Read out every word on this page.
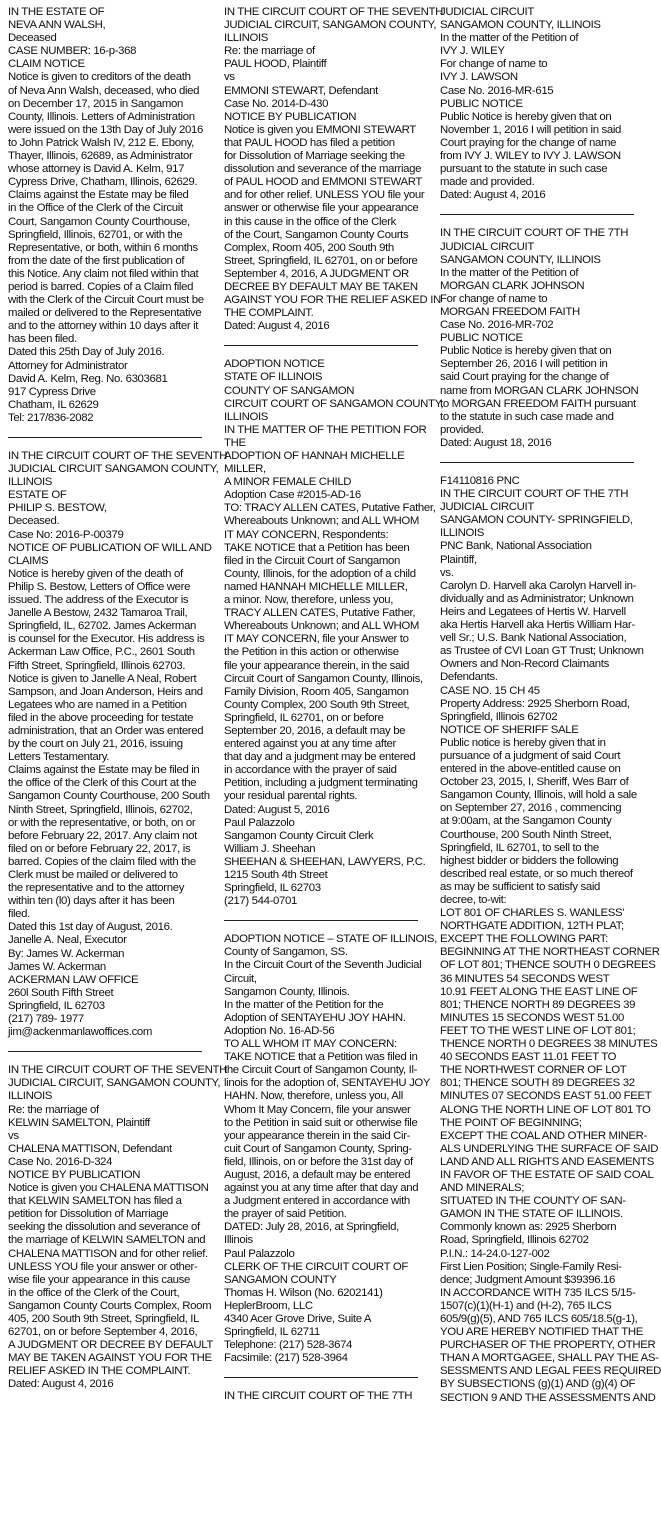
IN THE ESTATE OF
NEVA ANN WALSH,
Deceased
CASE NUMBER: 16-p-368
CLAIM NOTICE
Notice is given to creditors of the death
of Neva Ann Walsh, deceased, who died
on December 17, 2015 in Sangamon
County, Illinois. Letters of Administration
were issued on the 13th Day of July 2016
to John Patrick Walsh IV, 212 E. Ebony,
Thayer, Illinois, 62689, as Administrator
whose attorney is David A. Kelm, 917
Cypress Drive, Chatham, Illinois, 62629.
Claims against the Estate may be filed
in the Office of the Clerk of the Circuit
Court, Sangamon County Courthouse,
Springfield, Illinois, 62701, or with the
Representative, or both, within 6 months
from the date of the first publication of
this Notice. Any claim not filed within that
period is barred. Copies of a Claim filed
with the Clerk of the Circuit Court must be
mailed or delivered to the Representative
and to the attorney within 10 days after it
has been filed.
Dated this 25th Day of July 2016.
Attorney for Administrator
David A. Kelm, Reg. No. 6303681
917 Cypress Drive
Chatham, IL 62629
Tel: 217/836-2082
IN THE CIRCUIT COURT OF THE SEVENTH
JUDICIAL CIRCUIT SANGAMON COUNTY,
ILLINOIS
ESTATE OF
PHILIP S. BESTOW,
Deceased.
Case No: 2016-P-00379
NOTICE OF PUBLICATION OF WILL AND
CLAIMS
Notice is hereby given of the death of
Philip S. Bestow, Letters of Office were
issued. The address of the Executor is
Janelle A Bestow, 2432 Tamaroa Trail,
Springfield, IL, 62702. James Ackerman
is counsel for the Executor. His address is
Ackerman Law Office, P.C., 2601 South
Fifth Street, Springfield, Illinois 62703.
Notice is given to Janelle A Neal, Robert
Sampson, and Joan Anderson, Heirs and
Legatees who are named in a Petition
filed in the above proceeding for testate
administration, that an Order was entered
by the court on July 21, 2016, issuing
Letters Testamentary.
Claims against the Estate may be filed in
the office of the Clerk of this Court at the
Sangamon County Courthouse, 200 South
Ninth Street, Springfield, Illinois, 62702,
or with the representative, or both, on or
before February 22, 2017. Any claim not
filed on or before February 22, 2017, is
barred. Copies of the claim filed with the
Clerk must be mailed or delivered to
the representative and to the attorney
within ten (l0) days after it has been
filed.
Dated this 1st day of August, 2016.
Janelle A. Neal, Executor
By: James W. Ackerman
James W. Ackerman
ACKERMAN LAW OFFICE
260l South Fifth Street
Springfield, IL 62703
(217) 789- 1977
jim@ackenmanlawoffices.com
IN THE CIRCUIT COURT OF THE SEVENTH
JUDICIAL CIRCUIT, SANGAMON COUNTY,
ILLINOIS
Re: the marriage of
KELWIN SAMELTON, Plaintiff
vs
CHALENA MATTISON, Defendant
Case No. 2016-D-324
NOTICE BY PUBLICATION
Notice is given you CHALENA MATTISON
that KELWIN SAMELTON has filed a
petition for Dissolution of Marriage
seeking the dissolution and severance of
the marriage of KELWIN SAMELTON and
CHALENA MATTISON and for other relief.
UNLESS YOU file your answer or other-
wise file your appearance in this cause
in the office of the Clerk of the Court,
Sangamon County Courts Complex, Room
405, 200 South 9th Street, Springfield, IL
62701, on or before September 4, 2016,
A JUDGMENT OR DECREE BY DEFAULT
MAY BE TAKEN AGAINST YOU FOR THE
RELIEF ASKED IN THE COMPLAINT.
Dated: August 4, 2016
IN THE CIRCUIT COURT OF THE SEVENTH
JUDICIAL CIRCUIT, SANGAMON COUNTY,
ILLINOIS
Re: the marriage of
PAUL HOOD, Plaintiff
vs
EMMONI STEWART, Defendant
Case No. 2014-D-430
NOTICE BY PUBLICATION
Notice is given you EMMONI STEWART
that PAUL HOOD has filed a petition
for Dissolution of Marriage seeking the
dissolution and severance of the marriage
of PAUL HOOD and EMMONI STEWART
and for other relief. UNLESS YOU file your
answer or otherwise file your appearance
in this cause in the office of the Clerk
of the Court, Sangamon County Courts
Complex, Room 405, 200 South 9th
Street, Springfield, IL 62701, on or before
September 4, 2016, A JUDGMENT OR
DECREE BY DEFAULT MAY BE TAKEN
AGAINST YOU FOR THE RELIEF ASKED IN
THE COMPLAINT.
Dated: August 4, 2016
ADOPTION NOTICE
STATE OF ILLINOIS
COUNTY OF SANGAMON
CIRCUIT COURT OF SANGAMON COUNTY,
ILLINOIS
IN THE MATTER OF THE PETITION FOR
THE
ADOPTION OF HANNAH MICHELLE
MILLER,
A MINOR FEMALE CHILD
Adoption Case #2015-AD-16
TO: TRACY ALLEN CATES, Putative Father,
Whereabouts Unknown; and ALL WHOM
IT MAY CONCERN, Respondents:
TAKE NOTICE that a Petition has been
filed in the Circuit Court of Sangamon
County, Illinois, for the adoption of a child
named HANNAH MICHELLE MILLER,
a minor. Now, therefore, unless you,
TRACY ALLEN CATES, Putative Father,
Whereabouts Unknown; and ALL WHOM
IT MAY CONCERN, file your Answer to
the Petition in this action or otherwise
file your appearance therein, in the said
Circuit Court of Sangamon County, Illinois,
Family Division, Room 405, Sangamon
County Complex, 200 South 9th Street,
Springfield, IL 62701, on or before
September 20, 2016, a default may be
entered against you at any time after
that day and a judgment may be entered
in accordance with the prayer of said
Petition, including a judgment terminating
your residual parental rights.
Dated: August 5, 2016
Paul Palazzolo
Sangamon County Circuit Clerk
William J. Sheehan
SHEEHAN & SHEEHAN, LAWYERS, P.C.
1215 South 4th Street
Springfield, IL 62703
(217) 544-0701
ADOPTION NOTICE – STATE OF ILLINOIS,
County of Sangamon, SS.
In the Circuit Court of the Seventh Judicial
Circuit,
Sangamon County, Illinois.
In the matter of the Petition for the
Adoption of SENTAYEHU JOY HAHN.
Adoption No. 16-AD-56
TO ALL WHOM IT MAY CONCERN:
TAKE NOTICE that a Petition was filed in
the Circuit Court of Sangamon County, Il-
linois for the adoption of, SENTAYEHU JOY
HAHN. Now, therefore, unless you, All
Whom It May Concern, file your answer
to the Petition in said suit or otherwise file
your appearance therein in the said Cir-
cuit Court of Sangamon County, Spring-
field, Illinois, on or before the 31st day of
August, 2016, a default may be entered
against you at any time after that day and
a Judgment entered in accordance with
the prayer of said Petition.
DATED: July 28, 2016, at Springfield,
Illinois
Paul Palazzolo
CLERK OF THE CIRCUIT COURT OF
SANGAMON COUNTY
Thomas H. Wilson (No. 6202141)
HeplerBroom, LLC
4340 Acer Grove Drive, Suite A
Springfield, IL 62711
Telephone: (217) 528-3674
Facsimile: (217) 528-3964
IN THE CIRCUIT COURT OF THE 7TH
JUDICIAL CIRCUIT
SANGAMON COUNTY, ILLINOIS
In the matter of the Petition of
IVY J. WILEY
For change of name to
IVY J. LAWSON
Case No. 2016-MR-615
PUBLIC NOTICE
Public Notice is hereby given that on
November 1, 2016 I will petition in said
Court praying for the change of name
from IVY J. WILEY to IVY J. LAWSON
pursuant to the statute in such case
made and provided.
Dated: August 4, 2016
IN THE CIRCUIT COURT OF THE 7TH
JUDICIAL CIRCUIT
SANGAMON COUNTY, ILLINOIS
In the matter of the Petition of
MORGAN CLARK JOHNSON
For change of name to
MORGAN FREEDOM FAITH
Case No. 2016-MR-702
PUBLIC NOTICE
Public Notice is hereby given that on
September 26, 2016 I will petition in
said Court praying for the change of
name from MORGAN CLARK JOHNSON
to MORGAN FREEDOM FAITH pursuant
to the statute in such case made and
provided.
Dated: August 18, 2016
F14110816 PNC
IN THE CIRCUIT COURT OF THE 7TH
JUDICIAL CIRCUIT
SANGAMON COUNTY- SPRINGFIELD,
ILLINOIS
PNC Bank, National Association
Plaintiff,
vs.
Carolyn D. Harvell aka Carolyn Harvell in-
dividually and as Administrator; Unknown
Heirs and Legatees of Hertis W. Harvell
aka Hertis Harvell aka Hertis William Har-
vell Sr.; U.S. Bank National Association,
as Trustee of CVI Loan GT Trust; Unknown
Owners and Non-Record Claimants
Defendants.
CASE NO. 15 CH 45
Property Address: 2925 Sherborn Road,
Springfield, Illinois 62702
NOTICE OF SHERIFF SALE
Public notice is hereby given that in
pursuance of a judgment of said Court
entered in the above-entitled cause on
October 23, 2015, I, Sheriff, Wes Barr of
Sangamon County, Illinois, will hold a sale
on September 27, 2016 , commencing
at 9:00am, at the Sangamon County
Courthouse, 200 South Ninth Street,
Springfield, IL 62701, to sell to the
highest bidder or bidders the following
described real estate, or so much thereof
as may be sufficient to satisfy said
decree, to-wit:
LOT 801 OF CHARLES S. WANLESS'
NORTHGATE ADDITION, 12TH PLAT;
EXCEPT THE FOLLOWING PART:
BEGINNING AT THE NORTHEAST CORNER
OF LOT 801; THENCE SOUTH 0 DEGREES
36 MINUTES 54 SECONDS WEST
10.91 FEET ALONG THE EAST LINE OF
801; THENCE NORTH 89 DEGREES 39
MINUTES 15 SECONDS WEST 51.00
FEET TO THE WEST LINE OF LOT 801;
THENCE NORTH 0 DEGREES 38 MINUTES
40 SECONDS EAST 11.01 FEET TO
THE NORTHWEST CORNER OF LOT
801; THENCE SOUTH 89 DEGREES 32
MINUTES 07 SECONDS EAST 51.00 FEET
ALONG THE NORTH LINE OF LOT 801 TO
THE POINT OF BEGINNING;
EXCEPT THE COAL AND OTHER MINER-
ALS UNDERLYING THE SURFACE OF SAID
LAND AND ALL RIGHTS AND EASEMENTS
IN FAVOR OF THE ESTATE OF SAID COAL
AND MINERALS;
SITUATED IN THE COUNTY OF SAN-
GAMON IN THE STATE OF ILLINOIS.
Commonly known as: 2925 Sherborn
Road, Springfield, Illinois 62702
P.I.N.: 14-24.0-127-002
First Lien Position; Single-Family Resi-
dence; Judgment Amount $39396.16
IN ACCORDANCE WITH 735 ILCS 5/15-
1507(c)(1)(H-1) and (H-2), 765 ILCS
605/9(g)(5), AND 765 ILCS 605/18.5(g-1),
YOU ARE HEREBY NOTIFIED THAT THE
PURCHASER OF THE PROPERTY, OTHER
THAN A MORTGAGEE, SHALL PAY THE AS-
SESSMENTS AND LEGAL FEES REQUIRED
BY SUBSECTIONS (g)(1) AND (g)(4) OF
SECTION 9 AND THE ASSESSMENTS AND
